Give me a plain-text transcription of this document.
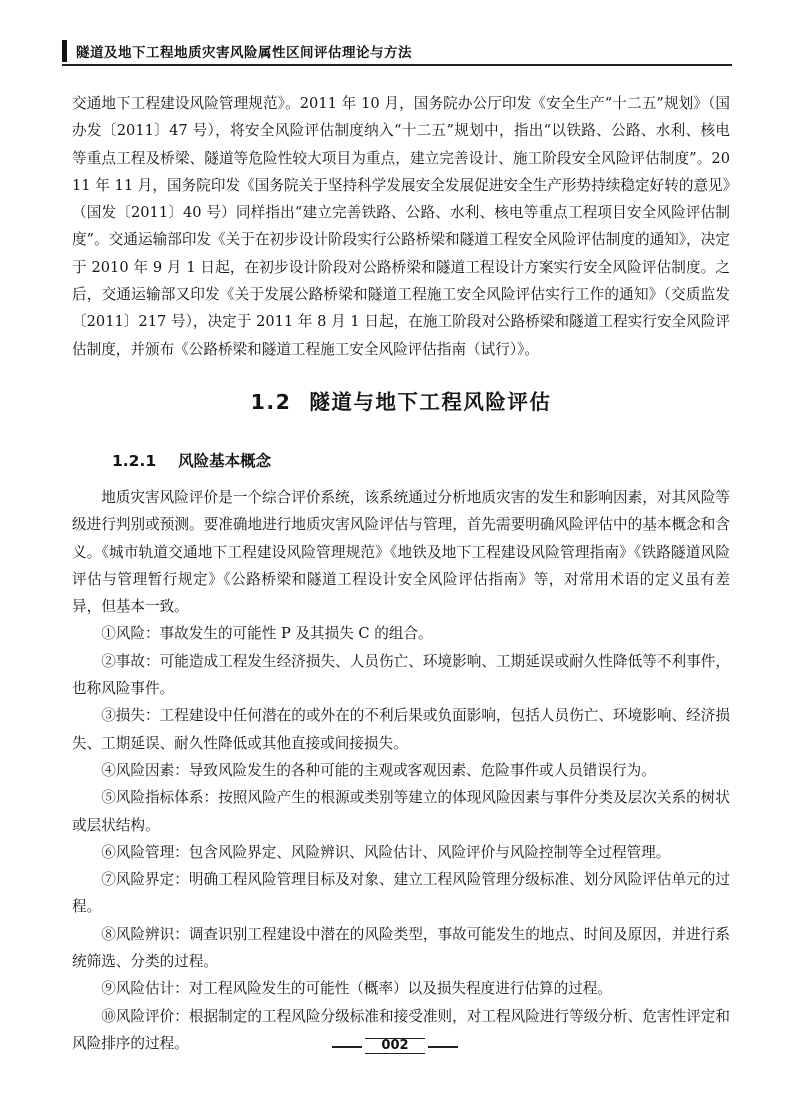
隧道及地下工程地质灾害风险属性区间评估理论与方法

交通地下工程建设风险管理规范》。2011 年 10 月，国务院办公厅印发《安全生产“十二五”规划》（国办发〔2011〕47 号），将安全风险评估制度纳入“十二五”规划中，指出“以铁路、公路、水利、核电等重点工程及桥梁、隧道等危险性较大项目为重点，建立完善设计、施工阶段安全风险评估制度”。2011 年 11 月，国务院印发《国务院关于坚持科学发展安全发展促进安全生产形势持续稳定好转的意见》（国发〔2011〕40 号）同样指出“建立完善铁路、公路、水利、核电等重点工程项目安全风险评估制度”。交通运输部印发《关于在初步设计阶段实行公路桥梁和隧道工程安全风险评估制度的通知》，决定于 2010 年 9 月 1 日起，在初步设计阶段对公路桥梁和隧道工程设计方案实行安全风险评估制度。之后，交通运输部又印发《关于发展公路桥梁和隧道工程施工安全风险评估实行工作的通知》（交质监发〔2011〕217 号），决定于 2011 年 8 月 1 日起，在施工阶段对公路桥梁和隧道工程实行安全风险评估制度，并颁布《公路桥梁和隧道工程施工安全风险评估指南（试行）》。

1.2 隧道与地下工程风险评估
1.2.1 风险基本概念

地质灾害风险评价是一个综合评价系统，该系统通过分析地质灾害的发生和影响因素，对其风险等级进行判别或预测。要准确地进行地质灾害风险评估与管理，首先需要明确风险评估中的基本概念和含义。《城市轨道交通地下工程建设风险管理规范》《地铁及地下工程建设风险管理指南》《铁路隧道风险评估与管理暂行规定》《公路桥梁和隧道工程设计安全风险评估指南》等，对常用术语的定义虽有差异，但基本一致。

①风险：事故发生的可能性 P 及其损失 C 的组合。

②事故：可能造成工程发生经济损失、人员伤亡、环境影响、工期延误或耐久性降低等不利事件，也称风险事件。

③损失：工程建设中任何潜在的或外在的不利后果或负面影响，包括人员伤亡、环境影响、经济损失、工期延误、耐久性降低或其他直接或间接损失。

④风险因素：导致风险发生的各种可能的主观或客观因素、危险事件或人员错误行为。

⑤风险指标体系：按照风险产生的根源或类别等建立的体现风险因素与事件分类及层次关系的树状或层状结构。

⑥风险管理：包含风险界定、风险辨识、风险估计、风险评价与风险控制等全过程管理。

⑦风险界定：明确工程风险管理目标及对象、建立工程风险管理分级标准、划分风险评估单元的过程。

⑧风险辨识：调查识别工程建设中潜在的风险类型，事故可能发生的地点、时间及原因，并进行系统筛选、分类的过程。

⑨风险估计：对工程风险发生的可能性（概率）以及损失程度进行估算的过程。

⑩风险评价：根据制定的工程风险分级标准和接受准则，对工程风险进行等级分析、危害性评定和风险排序的过程。	002
